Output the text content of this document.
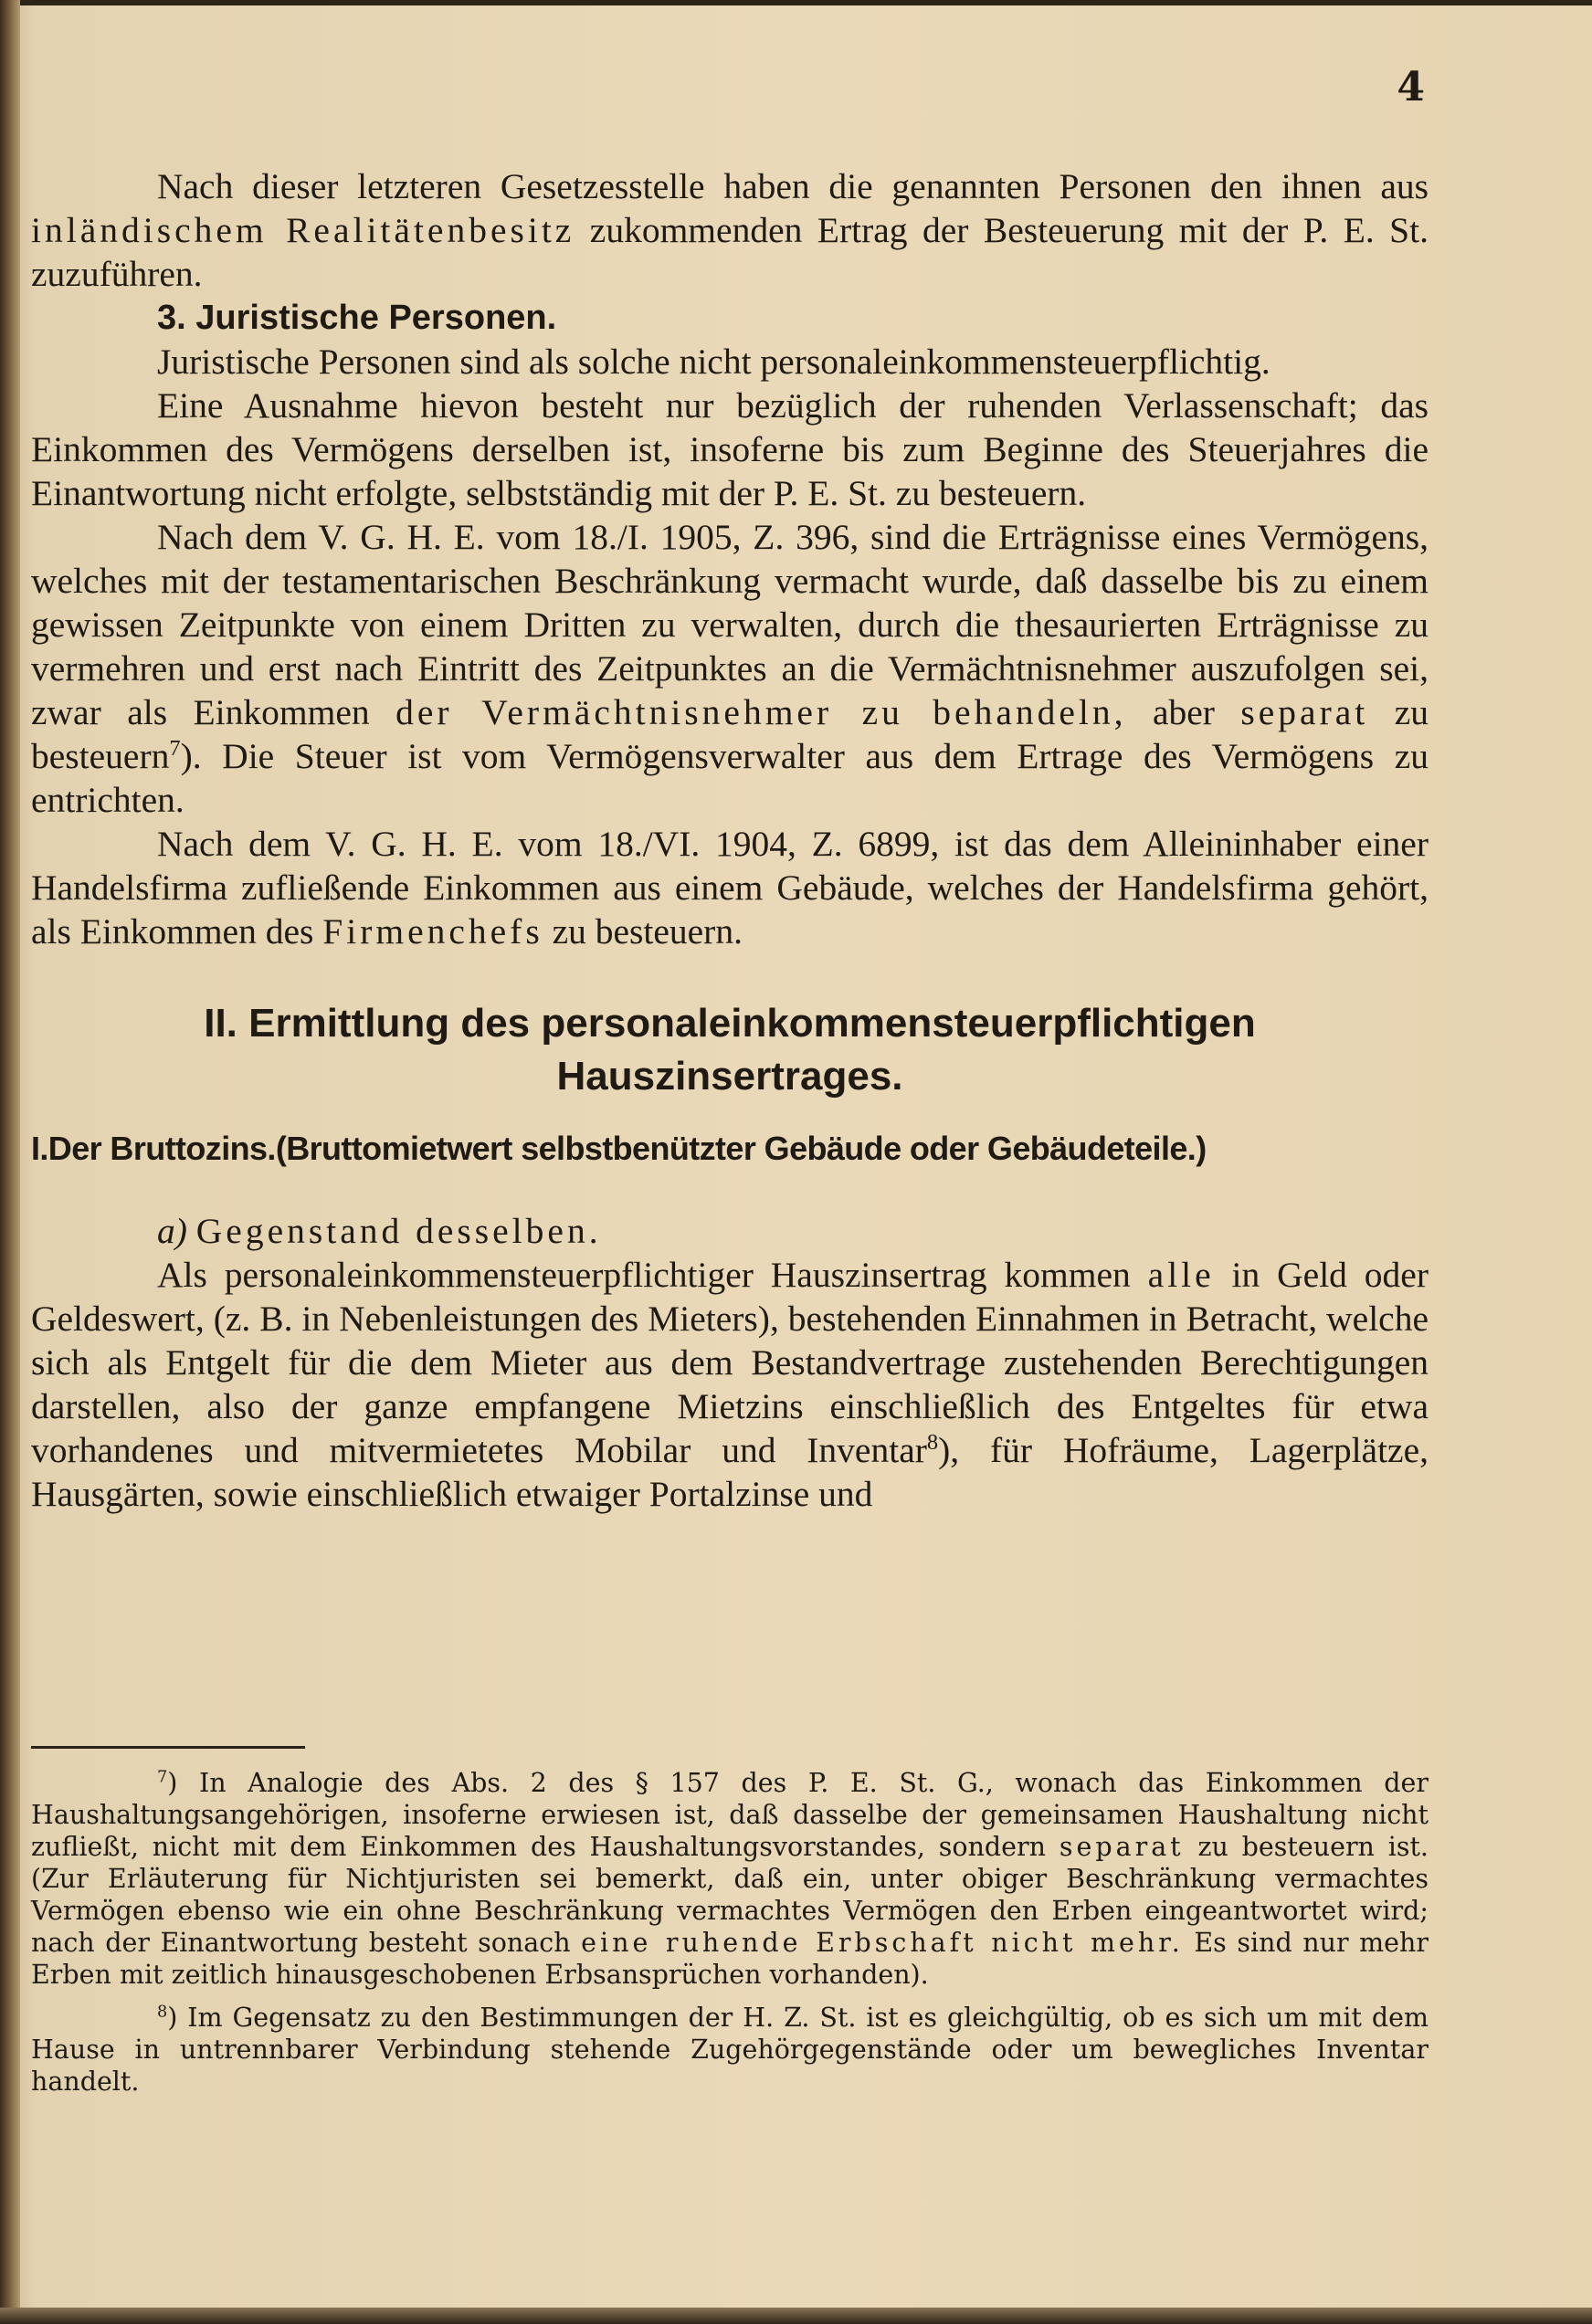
4

Nach dieser letzteren Gesetzesstelle haben die genannten Personen den ihnen aus inländischem Realitätenbesitz zukommenden Ertrag der Besteuerung mit der P. E. St. zuzuführen.

3. Juristische Personen.

Juristische Personen sind als solche nicht personaleinkommensteuerpflichtig.

Eine Ausnahme hievon besteht nur bezüglich der ruhenden Verlassenschaft; das Einkommen des Vermögens derselben ist, insoferne bis zum Beginne des Steuerjahres die Einantwortung nicht erfolgte, selbstständig mit der P. E. St. zu besteuern.

Nach dem V. G. H. E. vom 18./I. 1905, Z. 396, sind die Erträgnisse eines Vermögens, welches mit der testamentarischen Beschränkung vermacht wurde, daß dasselbe bis zu einem gewissen Zeitpunkte von einem Dritten zu verwalten, durch die thesaurierten Erträgnisse zu vermehren und erst nach Eintritt des Zeitpunktes an die Vermächtnisnehmer auszufolgen sei, zwar als Einkommen der Vermächtnisnehmer zu behandeln, aber separat zu besteuern$^7$). Die Steuer ist vom Vermögensverwalter aus dem Ertrage des Vermögens zu entrichten.

Nach dem V. G. H. E. vom 18./VI. 1904, Z. 6899, ist das dem Alleininhaber einer Handelsfirma zufließende Einkommen aus einem Gebäude, welches der Handelsfirma gehört, als Einkommen des Firmenchefs zu besteuern.

II. Ermittlung des personaleinkommensteuerpflichtigen Hauszinsertrages.

I.Der Bruttozins.(Bruttomietwert selbstbenützter Gebäude oder Gebäudeteile.)

a) Gegenstand desselben.

Als personaleinkommensteuerpflichtiger Hauszinsertrag kommen alle in Geld oder Geldeswert, (z. B. in Nebenleistungen des Mieters), bestehenden Einnahmen in Betracht, welche sich als Entgelt für die dem Mieter aus dem Bestandvertrage zustehenden Berechtigungen darstellen, also der ganze empfangene Mietzins einschließlich des Entgeltes für etwa vorhandenes und mitvermietetes Mobilar und Inventar$^8$), für Hofräume, Lagerplätze, Hausgärten, sowie einschließlich etwaiger Portalzinse und

$^7$) In Analogie des Abs. 2 des § 157 des P. E. St. G., wonach das Einkommen der Haushaltungsangehörigen, insoferne erwiesen ist, daß dasselbe der gemeinsamen Haushaltung nicht zufließt, nicht mit dem Einkommen des Haushaltungsvorstandes, sondern separat zu besteuern ist. (Zur Erläuterung für Nichtjuristen sei bemerkt, daß ein, unter obiger Beschränkung vermachtes Vermögen ebenso wie ein ohne Beschränkung vermachtes Vermögen den Erben eingeantwortet wird; nach der Einantwortung besteht sonach eine ruhende Erbschaft nicht mehr. Es sind nur mehr Erben mit zeitlich hinausgeschobenen Erbsansprüchen vorhanden).

$^8$) Im Gegensatz zu den Bestimmungen der H. Z. St. ist es gleichgültig, ob es sich um mit dem Hause in untrennbarer Verbindung stehende Zugehörgegenstände oder um bewegliches Inventar handelt.
